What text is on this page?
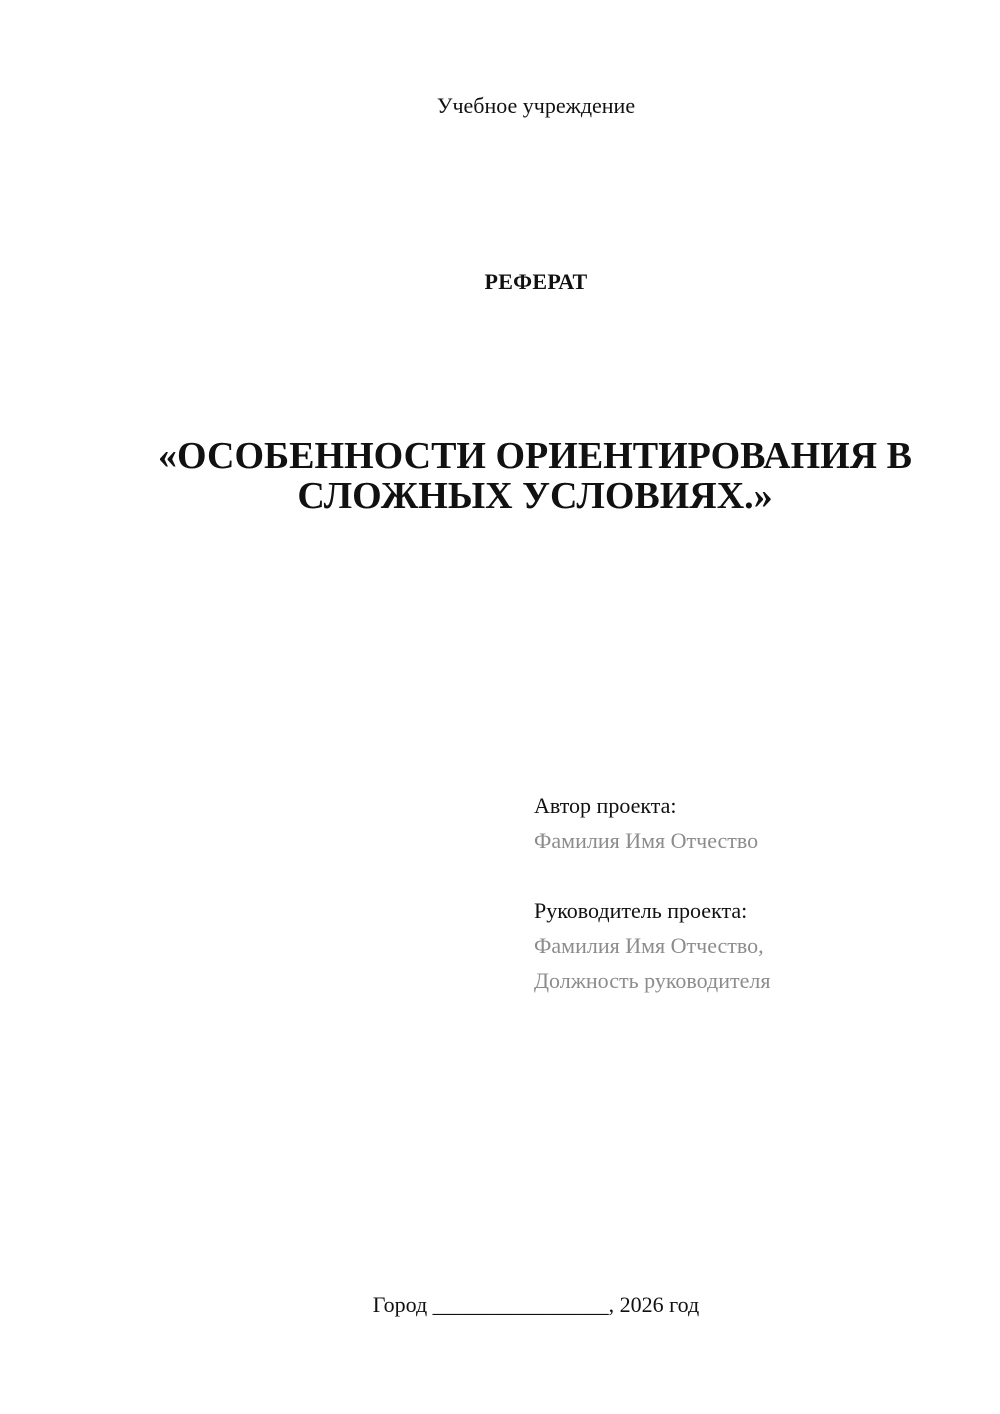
Учебное учреждение
РЕФЕРАТ
«ОСОБЕННОСТИ ОРИЕНТИРОВАНИЯ В
СЛОЖНЫХ УСЛОВИЯХ.»
Автор проекта:
Фамилия Имя Отчество
Руководитель проекта:
Фамилия Имя Отчество,
Должность руководителя
Город ________________, 2026 год
